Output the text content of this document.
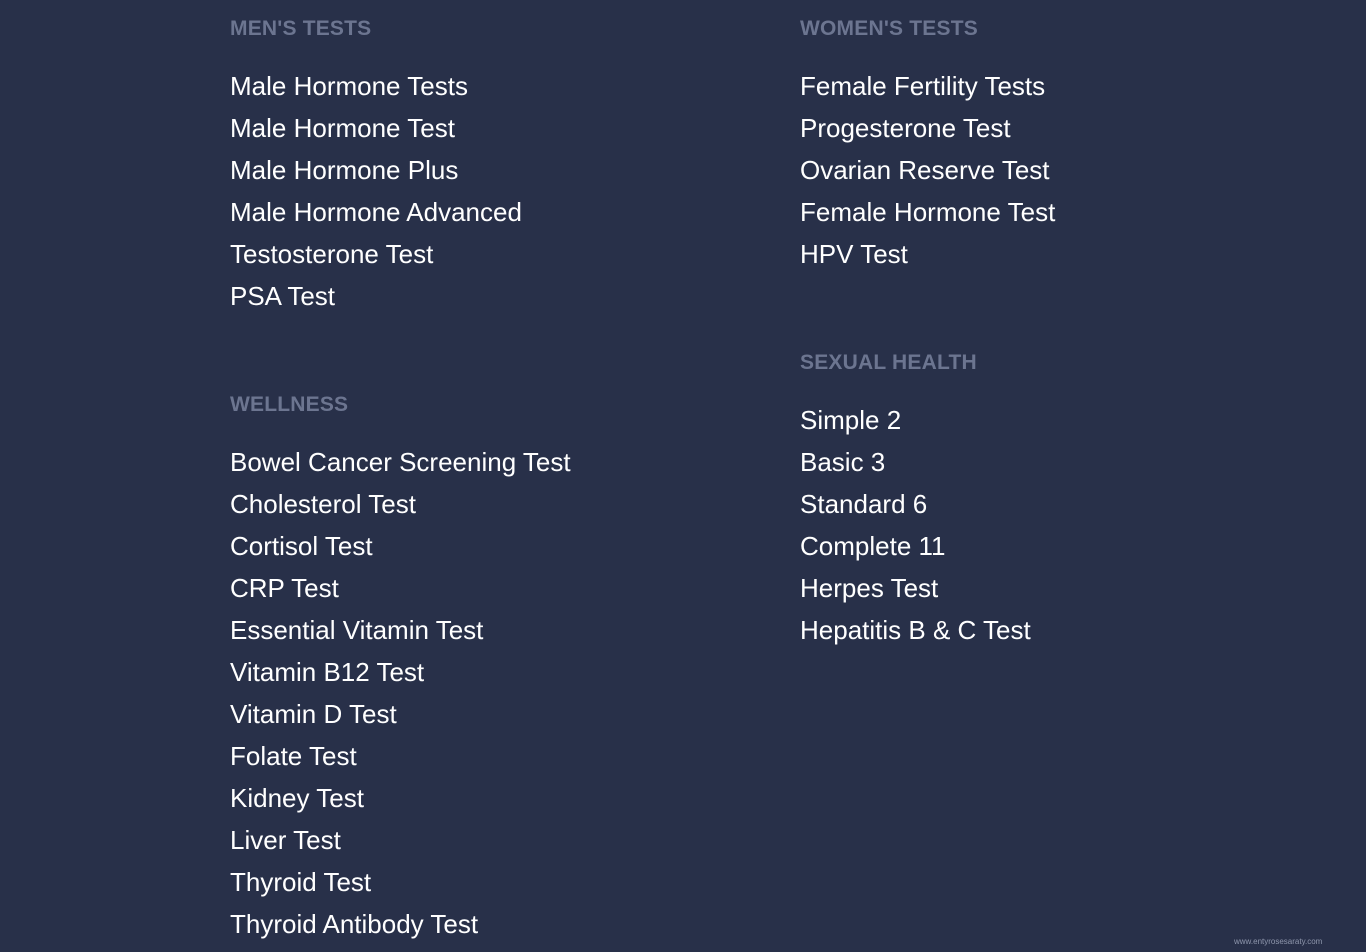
MEN'S TESTS
Male Hormone Tests
Male Hormone Test
Male Hormone Plus
Male Hormone Advanced
Testosterone Test
PSA Test
WOMEN'S TESTS
Female Fertility Tests
Progesterone Test
Ovarian Reserve Test
Female Hormone Test
HPV Test
WELLNESS
Bowel Cancer Screening Test
Cholesterol Test
Cortisol Test
CRP Test
Essential Vitamin Test
Vitamin B12 Test
Vitamin D Test
Folate Test
Kidney Test
Liver Test
Thyroid Test
Thyroid Antibody Test
SEXUAL HEALTH
Simple 2
Basic 3
Standard 6
Complete 11
Herpes Test
Hepatitis B & C Test
www.entyrosesaraty.com
